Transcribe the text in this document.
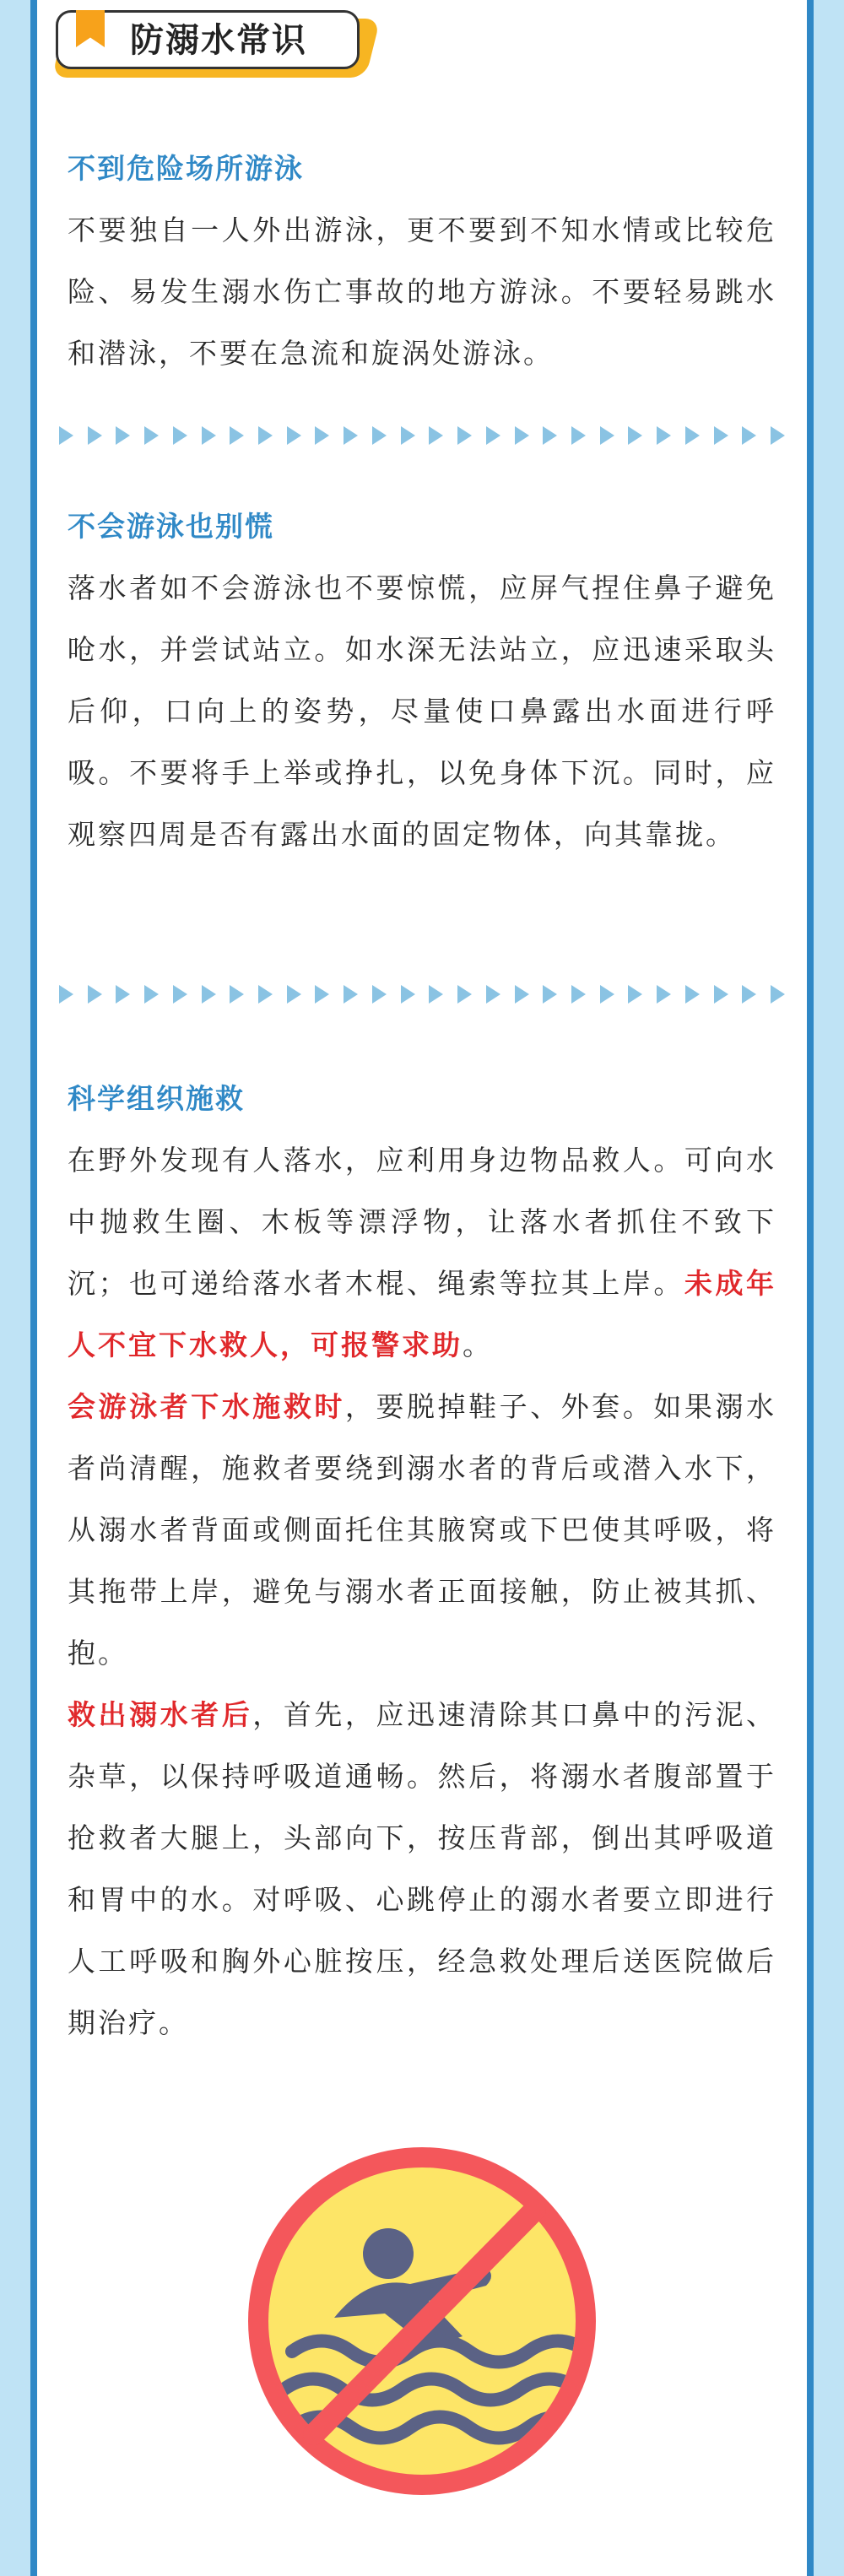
防溺水常识
不到危险场所游泳

不要独自一人外出游泳，更不要到不知水情或比较危险、易发生溺水伤亡事故的地方游泳。不要轻易跳水和潜泳，不要在急流和旋涡处游泳。

不会游泳也别慌

落水者如不会游泳也不要惊慌，应屏气捏住鼻子避免呛水，并尝试站立。如水深无法站立，应迅速采取头后仰，口向上的姿势，尽量使口鼻露出水面进行呼吸。不要将手上举或挣扎，以免身体下沉。同时，应观察四周是否有露出水面的固定物体，向其靠拢。

科学组织施救

在野外发现有人落水，应利用身边物品救人。可向水中抛救生圈、木板等漂浮物，让落水者抓住不致下沉；也可递给落水者木棍、绳索等拉其上岸。未成年人不宜下水救人，可报警求助。

会游泳者下水施救时，要脱掉鞋子、外套。如果溺水者尚清醒，施救者要绕到溺水者的背后或潜入水下，从溺水者背面或侧面托住其腋窝或下巴使其呼吸，将其拖带上岸，避免与溺水者正面接触，防止被其抓、抱。

救出溺水者后，首先，应迅速清除其口鼻中的污泥、杂草，以保持呼吸道通畅。然后，将溺水者腹部置于抢救者大腿上，头部向下，按压背部，倒出其呼吸道和胃中的水。对呼吸、心跳停止的溺水者要立即进行人工呼吸和胸外心脏按压，经急救处理后送医院做后期治疗。
